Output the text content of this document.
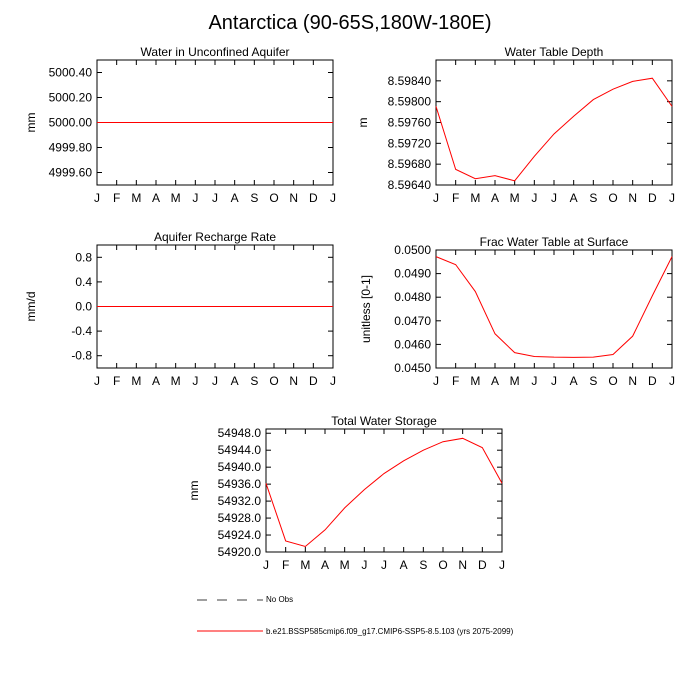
Antarctica (90-65S,180W-180E)
Water in Unconfined Aquifer
J F M A M J J A S O N D J
4999.60
4999.80
5000.00
5000.20
5000.40
mm
Water Table Depth
J F M A M J J A S O N D J
8.59640
8.59680
8.59720
8.59760
8.59800
8.59840
m
Aquifer Recharge Rate
J F M A M J J A S O N D J
-0.8
-0.4
0.0
0.4
0.8
mm/d
Frac Water Table at Surface
J F M A M J J A S O N D J
0.0450
0.0460
0.0470
0.0480
0.0490
0.0500
unitless [0-1]
Total Water Storage
J F M A M J J A S O N D J
54920.0
54924.0
54928.0
54932.0
54936.0
54940.0
54944.0
54948.0
mm
No Obs
b.e21.BSSP585cmip6.f09_g17.CMIP6-SSP5-8.5.103 (yrs 2075-2099)
